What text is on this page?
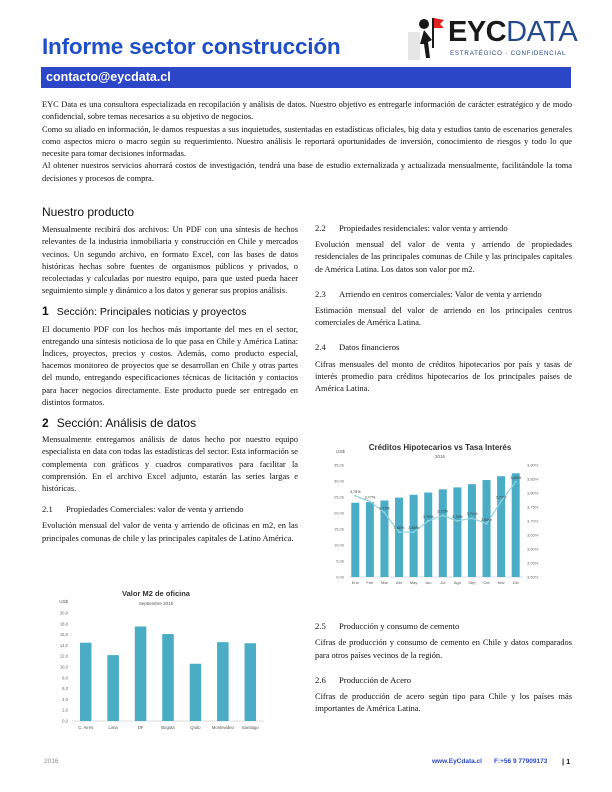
Informe sector construcción	EYCDATA
ESTRATÉGICO · CONFIDENCIAL
contacto@eycdata.cl

EYC Data es una consultora especializada en recopilación y análisis de datos. Nuestro objetivo es entregarle información de carácter estratégico y de modo confidencial, sobre temas necesarios a su objetivo de negocios.

Como su aliado en información, le damos respuestas a sus inquietudes, sustentadas en estadísticas oficiales, big data y estudios tanto de escenarios generales como aspectos micro o macro según su requerimiento. Nuestro análisis le reportará oportunidades de inversión, conocimiento de riesgos y todo lo que necesite para tomar decisiones informadas.

Al obtener nuestros servicios ahorrará costos de investigación, tendrá una base de estudio externalizada y actualizada mensualmente, facilitándole la toma decisiones y procesos de compra.

Nuestro producto

Mensualmente recibirá dos archivos: Un PDF con una síntesis de hechos relevantes de la industria inmobiliaria y construcción en Chile y mercados vecinos. Un segundo archivo, en formato Excel, con las bases de datos históricas hechas sobre fuentes de organismos públicos y privados, o recolectadas y calculadas por nuestro equipo, para que usted pueda hacer seguimiento simple y dinámico a los datos y generar sus propios análisis.

1 Sección: Principales noticias y proyectos

El documento PDF con los hechos más importante del mes en el sector, entregando una síntesis noticiosa de lo que pasa en Chile y América Latina: Índices, proyectos, precios y costos. Además, como producto especial, hacemos monitoreo de proyectos que se desarrollan en Chile y otras partes del mundo, entregando especificaciones técnicas de licitación y contactos para hacer negocios directamente. Este producto puede ser entregado en distintos formatos.

2 Sección: Análisis de datos

Mensualmente entregamos análisis de datos hecho por nuestro equipo especialista en data con todas las estadísticas del sector. Esta información se complementa con gráficos y cuadros comparativos para facilitar la comprensión. En el archivo Excel adjunto, estarán las series largas e históricas.

2.1	Propiedades Comerciales: valor de venta y arriendo

Evolución mensual del valor de venta y arriendo de oficinas en m2, en las principales comunas de chile y las principales capitales de Latino América.

2.2	Propiedades residenciales: valor venta y arriendo

Evolución mensual del valor de venta y arriendo de propiedades residenciales de las principales comunas de Chile y las principales capitales de América Latina. Los datos son valor por m2.

2.3	Arriendo en centros comerciales: Valor de venta y arriendo

Estimación mensual del valor de arriendo en los principales centros comerciales de América Latina.

2.4	Datos financieros

Cifras mensuales del monto de créditos hipotecarios por país y tasas de interés promedio para créditos hipotecarios de los principales países de América Latina.

2.5	Producción y consumo de cemento

Cifras de producción y consumo de cemento en Chile y datos comparados para otros países vecinos de la región.

2.6	Producción de Acero

Cifras de producción de acero según tipo para Chile y los países más importantes de América Latina.

Valor M2 de oficina
Septiembre 2016
US$
0,0
2,0
4,0
6,0
8,0
10,0
12,0
14,0
16,0
18,0
20,0
C. Aires	Lima	DF	Bogota	Quito	Montevideo Santiago
Créditos Hipotecarios vs Tasa Interés
2016
US$
0,00
5,00
10,00
15,00
20,00
25,00
30,00
35,00
3,50%
3,55%
3,60%
3,65%
3,70%
3,75%
3,80%
3,85%
3,90%
Ene Feb Mar Abr May Jun Jul Ago Sep Oct Nov Dic
3,79%
3,77%
3,73%
3,66% 3,66%
3,70%
3,72%
3,70%
3,71%
3,69%
3,77%
3,84%
2016	www.EyCdata.cl F:+56 9 77909173 | 1
